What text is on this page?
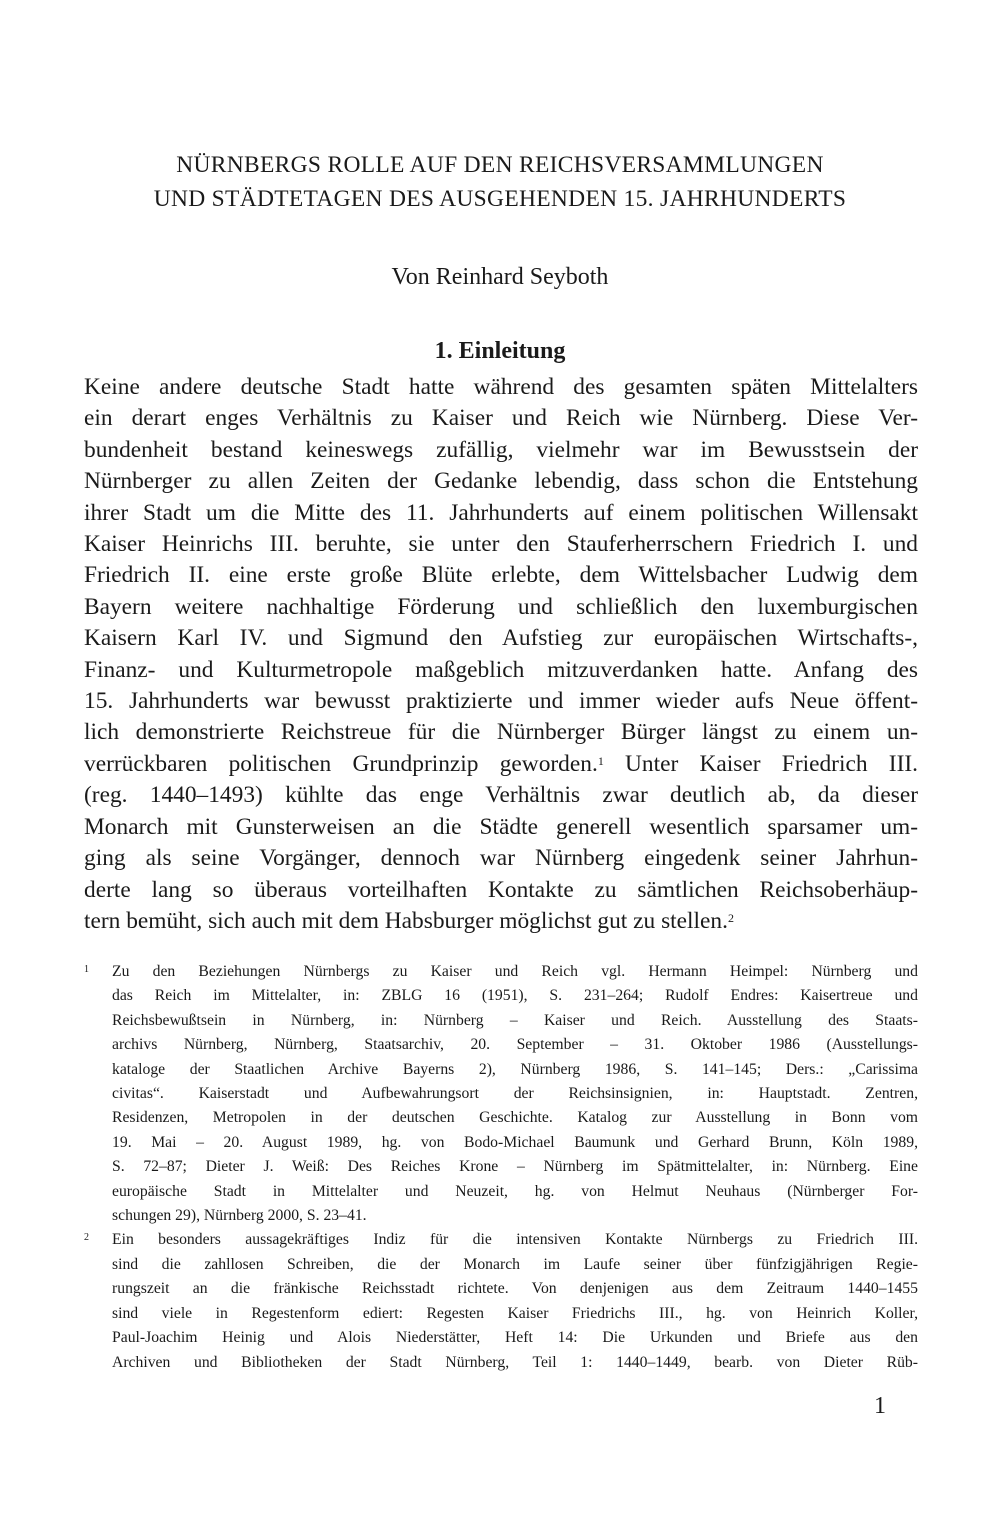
NÜRNBERGS ROLLE AUF DEN REICHSVERSAMMLUNGEN
UND STÄDTETAGEN DES AUSGEHENDEN 15. JAHRHUNDERTS

Von Reinhard Seyboth

1. Einleitung
Keine andere deutsche Stadt hatte während des gesamten späten Mittelalters
ein derart enges Verhältnis zu Kaiser und Reich wie Nürnberg. Diese Ver-
bundenheit bestand keineswegs zufällig, vielmehr war im Bewusstsein der
Nürnberger zu allen Zeiten der Gedanke lebendig, dass schon die Entstehung
ihrer Stadt um die Mitte des 11. Jahrhunderts auf einem politischen Willensakt
Kaiser Heinrichs III. beruhte, sie unter den Stauferherrschern Friedrich I. und
Friedrich II. eine erste große Blüte erlebte, dem Wittelsbacher Ludwig dem
Bayern weitere nachhaltige Förderung und schließlich den luxemburgischen
Kaisern Karl IV. und Sigmund den Aufstieg zur europäischen Wirtschafts-,
Finanz- und Kulturmetropole maßgeblich mitzuverdanken hatte. Anfang des
15. Jahrhunderts war bewusst praktizierte und immer wieder aufs Neue öffent-
lich demonstrierte Reichstreue für die Nürnberger Bürger längst zu einem un-
verrückbaren politischen Grundprinzip geworden.$^1$ Unter Kaiser Friedrich III.
(reg. 1440–1493) kühlte das enge Verhältnis zwar deutlich ab, da dieser
Monarch mit Gunsterweisen an die Städte generell wesentlich sparsamer um-
ging als seine Vorgänger, dennoch war Nürnberg eingedenk seiner Jahrhun-
derte lang so überaus vorteilhaften Kontakte zu sämtlichen Reichsoberhäup-
tern bemüht, sich auch mit dem Habsburger möglichst gut zu stellen.$^2$
1 Zu den Beziehungen Nürnbergs zu Kaiser und Reich vgl. Hermann Heimpel: Nürnberg und
das Reich im Mittelalter, in: ZBLG 16 (1951), S. 231–264; Rudolf Endres: Kaisertreue und
Reichsbewußtsein in Nürnberg, in: Nürnberg – Kaiser und Reich. Ausstellung des Staats-
archivs Nürnberg, Nürnberg, Staatsarchiv, 20. September – 31. Oktober 1986 (Ausstellungs-
kataloge der Staatlichen Archive Bayerns 2), Nürnberg 1986, S. 141–145; Ders.: „Carissima
civitas“. Kaiserstadt und Aufbewahrungsort der Reichsinsignien, in: Hauptstadt. Zentren,
Residenzen, Metropolen in der deutschen Geschichte. Katalog zur Ausstellung in Bonn vom
19. Mai – 20. August 1989, hg. von Bodo-Michael Baumunk und Gerhard Brunn, Köln 1989,
S. 72–87; Dieter J. Weiß: Des Reiches Krone – Nürnberg im Spätmittelalter, in: Nürnberg. Eine
europäische Stadt in Mittelalter und Neuzeit, hg. von Helmut Neuhaus (Nürnberger For-
schungen 29), Nürnberg 2000, S. 23–41.
2 Ein besonders aussagekräftiges Indiz für die intensiven Kontakte Nürnbergs zu Friedrich III.
sind die zahllosen Schreiben, die der Monarch im Laufe seiner über fünfzigjährigen Regie-
rungszeit an die fränkische Reichsstadt richtete. Von denjenigen aus dem Zeitraum 1440–1455
sind viele in Regestenform ediert: Regesten Kaiser Friedrichs III., hg. von Heinrich Koller,
Paul-Joachim Heinig und Alois Niederstätter, Heft 14: Die Urkunden und Briefe aus den
Archiven und Bibliotheken der Stadt Nürnberg, Teil 1: 1440–1449, bearb. von Dieter Rüb-

1
